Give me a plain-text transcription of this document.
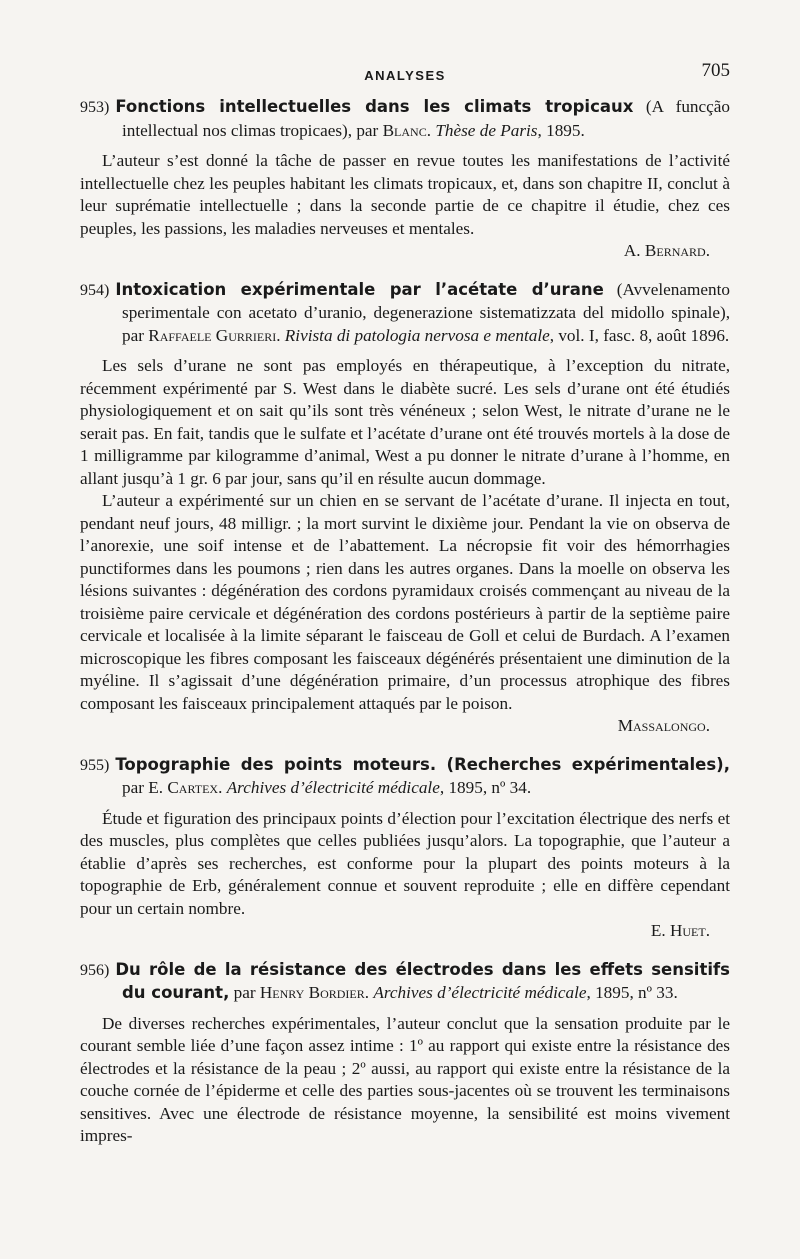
ANALYSES	705

953) Fonctions intellectuelles dans les climats tropicaux (A funcção intellectual nos climas tropicaes), par Blanc. Thèse de Paris, 1895.

L’auteur s’est donné la tâche de passer en revue toutes les manifestations de l’activité intellectuelle chez les peuples habitant les climats tropicaux, et, dans son chapitre II, conclut à leur suprématie intellectuelle ; dans la seconde partie de ce chapitre il étudie, chez ces peuples, les passions, les maladies nerveuses et mentales.

A. Bernard.

954) Intoxication expérimentale par l’acétate d’urane (Avvelenamento sperimentale con acetato d’uranio, degenerazione sistematizzata del midollo spinale), par Raffaele Gurrieri. Rivista di patologia nervosa e mentale, vol. I, fasc. 8, août 1896.

Les sels d’urane ne sont pas employés en thérapeutique, à l’exception du nitrate, récemment expérimenté par S. West dans le diabète sucré. Les sels d’urane ont été étudiés physiologiquement et on sait qu’ils sont très vénéneux ; selon West, le nitrate d’urane ne le serait pas. En fait, tandis que le sulfate et l’acétate d’urane ont été trouvés mortels à la dose de 1 milligramme par kilogramme d’animal, West a pu donner le nitrate d’urane à l’homme, en allant jusqu’à 1 gr. 6 par jour, sans qu’il en résulte aucun dommage.

L’auteur a expérimenté sur un chien en se servant de l’acétate d’urane. Il injecta en tout, pendant neuf jours, 48 milligr. ; la mort survint le dixième jour. Pendant la vie on observa de l’anorexie, une soif intense et de l’abattement. La nécropsie fit voir des hémorrhagies punctiformes dans les poumons ; rien dans les autres organes. Dans la moelle on observa les lésions suivantes : dégénération des cordons pyramidaux croisés commençant au niveau de la troisième paire cervicale et dégénération des cordons postérieurs à partir de la septième paire cervicale et localisée à la limite séparant le faisceau de Goll et celui de Burdach. A l’examen microscopique les fibres composant les faisceaux dégénérés présentaient une diminution de la myéline. Il s’agissait d’une dégénération primaire, d’un processus atrophique des fibres composant les faisceaux principalement attaqués par le poison.

Massalongo.

955) Topographie des points moteurs. (Recherches expérimentales), par E. Cartex. Archives d’électricité médicale, 1895, nº 34.

Étude et figuration des principaux points d’élection pour l’excitation électrique des nerfs et des muscles, plus complètes que celles publiées jusqu’alors. La topographie, que l’auteur a établie d’après ses recherches, est conforme pour la plupart des points moteurs à la topographie de Erb, généralement connue et souvent reproduite ; elle en diffère cependant pour un certain nombre.

E. Huet.

956) Du rôle de la résistance des électrodes dans les effets sensitifs du courant, par Henry Bordier. Archives d’électricité médicale, 1895, nº 33.

De diverses recherches expérimentales, l’auteur conclut que la sensation produite par le courant semble liée d’une façon assez intime : 1º au rapport qui existe entre la résistance des électrodes et la résistance de la peau ; 2º aussi, au rapport qui existe entre la résistance de la couche cornée de l’épiderme et celle des parties sous-jacentes où se trouvent les terminaisons sensitives. Avec une électrode de résistance moyenne, la sensibilité est moins vivement impres-
